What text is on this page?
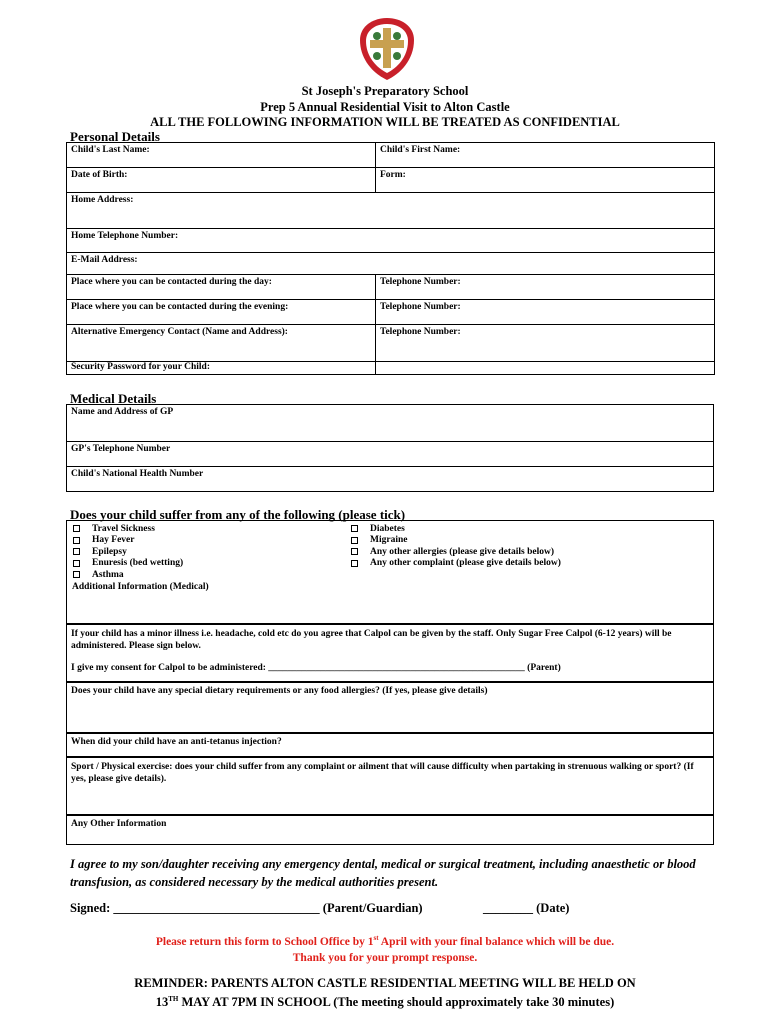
St Joseph's Preparatory School
Prep 5 Annual Residential Visit to Alton Castle
ALL THE FOLLOWING INFORMATION WILL BE TREATED AS CONFIDENTIAL
Personal Details
Child's Last Name:	Child's First Name:
Date of Birth:	Form:
Home Address:	
Home Telephone Number:	
E-Mail Address:	
Place where you can be contacted during the day:	Telephone Number:
Place where you can be contacted during the evening:	Telephone Number:
Alternative Emergency Contact (Name and Address):	Telephone Number:
Security Password for your Child:	
Medical Details
Name and Address of GP
GP's Telephone Number
Child's National Health Number
Does your child suffer from any of the following (please tick)
Travel Sickness
Hay Fever
Epilepsy
Enuresis (bed wetting)
Asthma
Diabetes
Migraine
Any other allergies (please give details below)
Any other complaint (please give details below)
Additional Information (Medical)
If your child has a minor illness i.e. headache, cold etc do you agree that Calpol can be given by the staff. Only Sugar Free Calpol (6-12 years) will be administered. Please sign below.
I give my consent for Calpol to be administered: ______________________________________________________ (Parent)
Does your child have any special dietary requirements or any food allergies? (If yes, please give details)
When did your child have an anti-tetanus injection?
Sport / Physical exercise: does your child suffer from any complaint or ailment that will cause difficulty when partaking in strenuous walking or sport? (If yes, please give details).
Any Other Information
I agree to my son/daughter receiving any emergency dental, medical or surgical treatment, including anaesthetic or blood transfusion, as considered necessary by the medical authorities present.
Signed: _________________________________ (Parent/Guardian)	________ (Date)
Please return this form to School Office by 1st April with your final balance which will be due.
Thank you for your prompt response.
REMINDER: PARENTS ALTON CASTLE RESIDENTIAL MEETING WILL BE HELD ON
13TH MAY AT 7PM IN SCHOOL (The meeting should approximately take 30 minutes)
